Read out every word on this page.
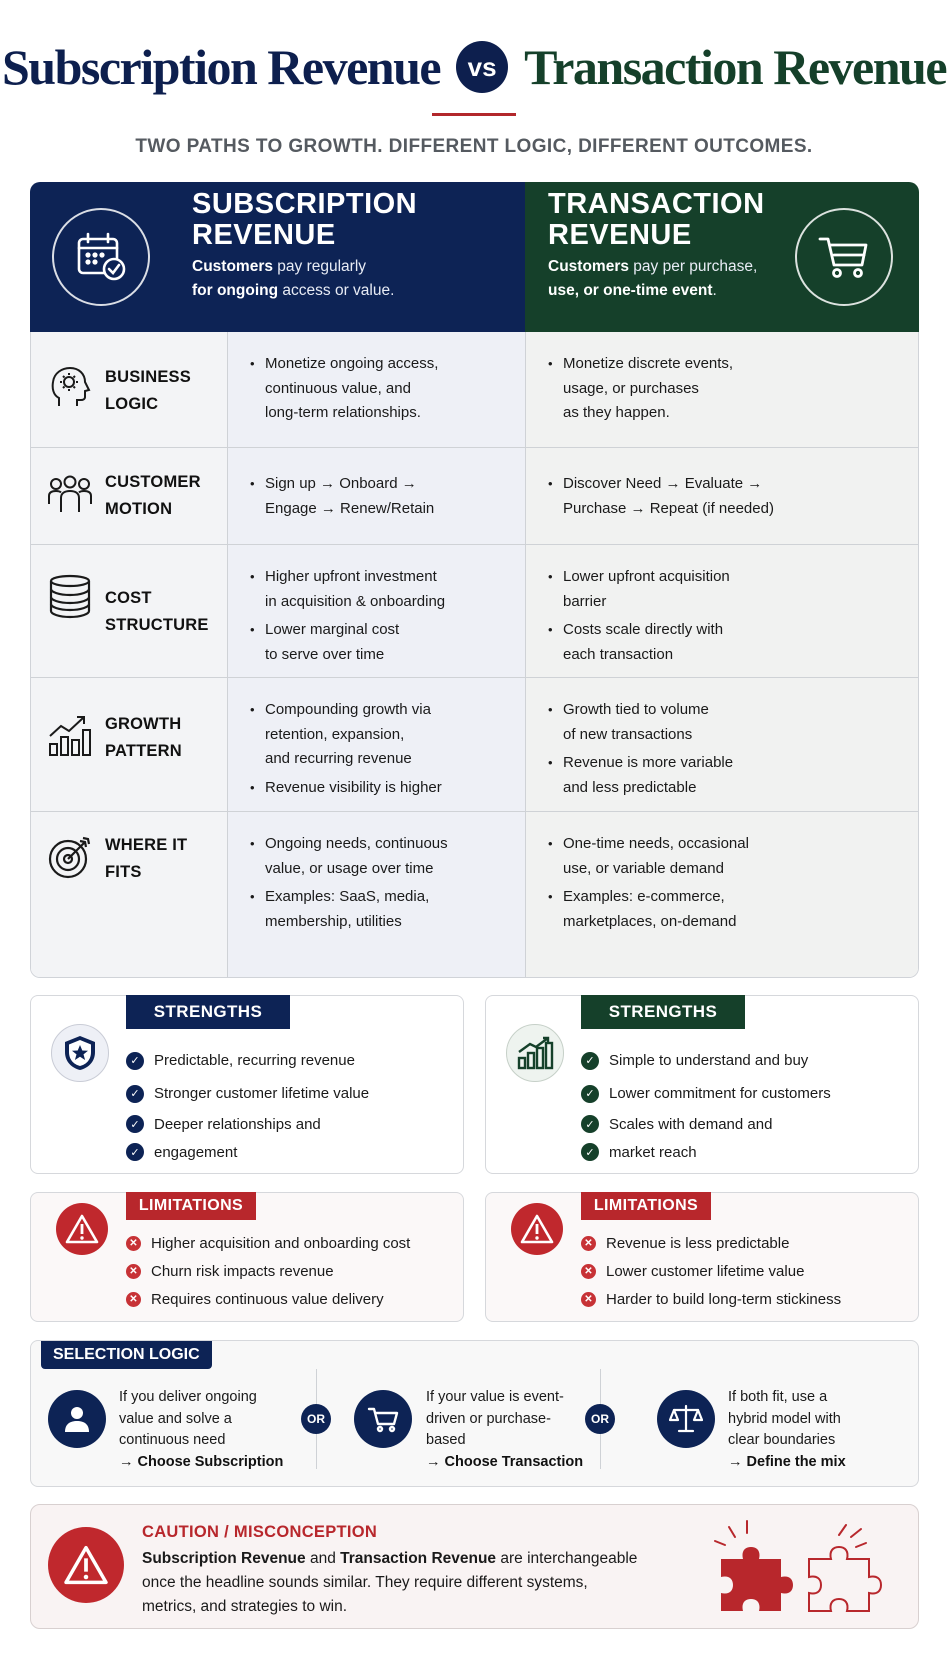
Subscription Revenue	vs Transaction Revenue
TWO PATHS TO GROWTH. DIFFERENT LOGIC, DIFFERENT OUTCOMES.
SUBSCRIPTION REVENUE
Customers pay regularly
for ongoing access or value.
TRANSACTION REVENUE
Customers pay per purchase,
use, or one-time event.
BUSINESS LOGIC
• Monetize ongoing access,
continuous value, and
long-term relationships.
• Monetize discrete events,
usage, or purchases
as they happen.
CUSTOMER MOTION
• Sign up → Onboard →
Engage → Renew/Retain
• Discover Need → Evaluate →
Purchase → Repeat (if needed)
COST STRUCTURE
• Higher upfront investment
in acquisition & onboarding
• Lower marginal cost
to serve over time
• Lower upfront acquisition
barrier
• Costs scale directly with
each transaction
GROWTH PATTERN
• Compounding growth via
retention, expansion,
and recurring revenue
• Revenue visibility is higher
• Growth tied to volume
of new transactions
• Revenue is more variable
and less predictable
WHERE IT FITS
• Ongoing needs, continuous
value, or usage over time
• Examples: SaaS, media,
membership, utilities
• One-time needs, occasional
use, or variable demand
• Examples: e-commerce,
marketplaces, on-demand
STRENGTHS
✓ Predictable, recurring revenue
✓ Stronger customer lifetime value
✓ Deeper relationships and
✓ engagement
STRENGTHS
✓ Simple to understand and buy
✓ Lower commitment for customers
✓ Scales with demand and
✓ market reach
LIMITATIONS
✕ Higher acquisition and onboarding cost
✕ Churn risk impacts revenue
✕ Requires continuous value delivery
LIMITATIONS
✕ Revenue is less predictable
✕ Lower customer lifetime value
✕ Harder to build long-term stickiness
SELECTION LOGIC
If you deliver ongoing
value and solve a
continuous need
→ Choose Subscription
OR
If your value is event-
driven or purchase-
based
→ Choose Transaction
OR
If both fit, use a
hybrid model with
clear boundaries
→ Define the mix
CAUTION / MISCONCEPTION
Subscription Revenue and Transaction Revenue are interchangeable once the headline sounds similar. They require different systems, metrics, and strategies to win.
